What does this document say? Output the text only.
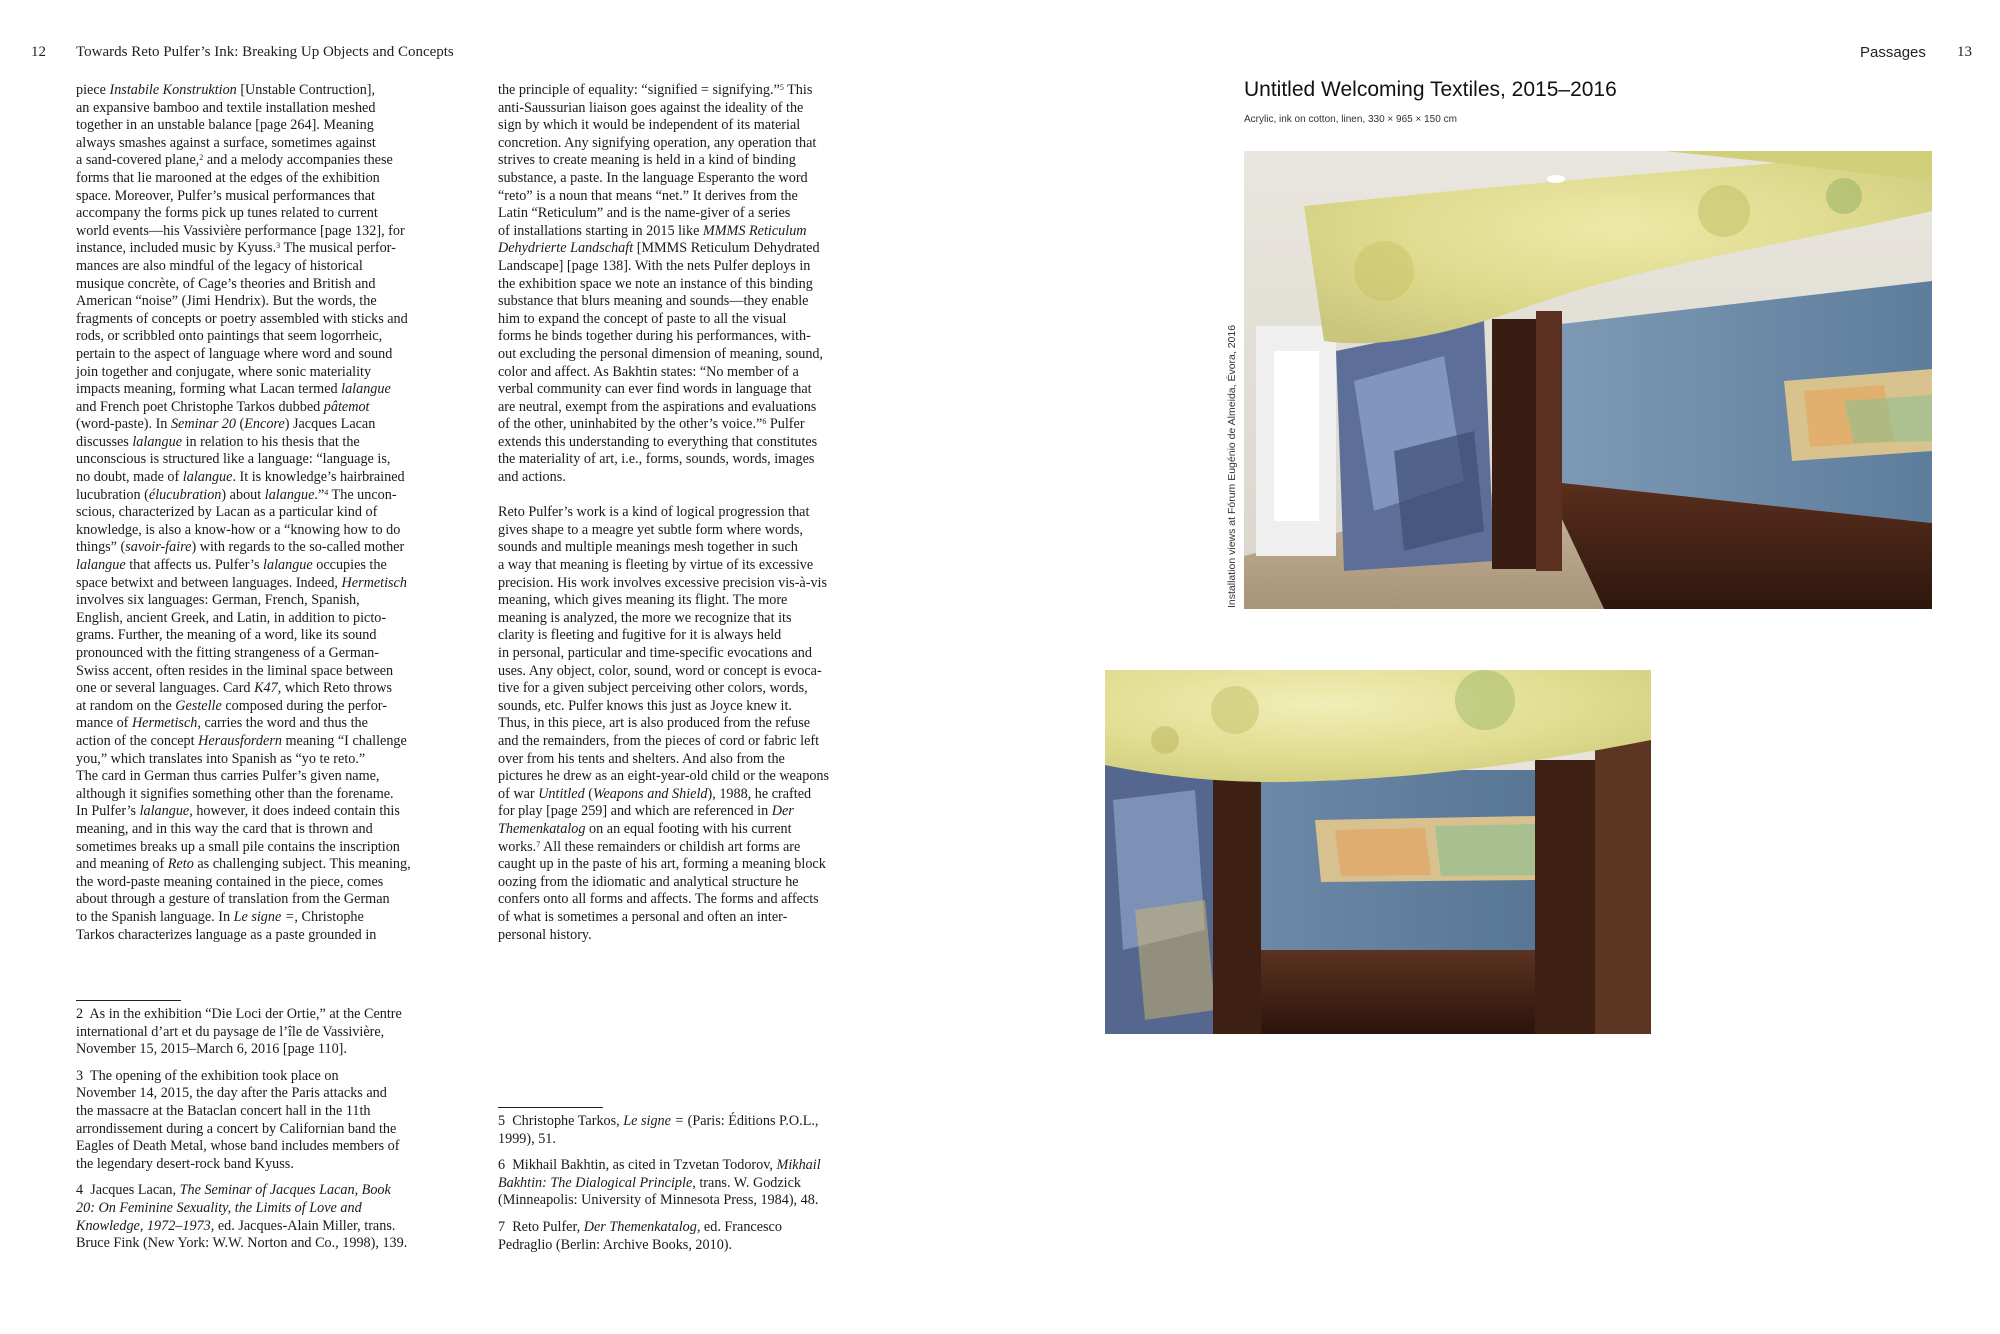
12 Towards Reto Pulfer’s Ink: Breaking Up Objects and Concepts	Passages 13

piece Instabile Konstruktion [Unstable Contruction],
an expansive bamboo and textile installation meshed
together in an unstable balance [page 264]. Meaning
always smashes against a surface, sometimes against
a sand-covered plane,$^2$ and a melody accompanies these
forms that lie marooned at the edges of the exhibition
space. Moreover, Pulfer’s musical performances that
accompany the forms pick up tunes related to current
world events—his Vassivière performance [page 132], for
instance, included music by Kyuss.$^3$ The musical perfor-
mances are also mindful of the legacy of historical
musique concrète, of Cage’s theories and British and
American “noise” (Jimi Hendrix). But the words, the
fragments of concepts or poetry assembled with sticks and
rods, or scribbled onto paintings that seem logorrheic,
pertain to the aspect of language where word and sound
join together and conjugate, where sonic materiality
impacts meaning, forming what Lacan termed lalangue
and French poet Christophe Tarkos dubbed pâtemot
(word-paste). In Seminar 20 (Encore) Jacques Lacan
discusses lalangue in relation to his thesis that the
unconscious is structured like a language: “language is,
no doubt, made of lalangue. It is knowledge’s hairbrained
lucubration (élucubration) about lalangue.”$^4$ The uncon-
scious, characterized by Lacan as a particular kind of
knowledge, is also a know-how or a “knowing how to do
things” (savoir-faire) with regards to the so-called mother
lalangue that affects us. Pulfer’s lalangue occupies the
space betwixt and between languages. Indeed, Hermetisch
involves six languages: German, French, Spanish,
English, ancient Greek, and Latin, in addition to picto-
grams. Further, the meaning of a word, like its sound
pronounced with the fitting strangeness of a German-
Swiss accent, often resides in the liminal space between
one or several languages. Card K47, which Reto throws
at random on the Gestelle composed during the perfor-
mance of Hermetisch, carries the word and thus the
action of the concept Herausfordern meaning “I challenge
you,” which translates into Spanish as “yo te reto.”
The card in German thus carries Pulfer’s given name,
although it signifies something other than the forename.
In Pulfer’s lalangue, however, it does indeed contain this
meaning, and in this way the card that is thrown and
sometimes breaks up a small pile contains the inscription
and meaning of Reto as challenging subject. This meaning,
the word-paste meaning contained in the piece, comes
about through a gesture of translation from the German
to the Spanish language. In Le signe =, Christophe
Tarkos characterizes language as a paste grounded in

the principle of equality: “signified = signifying.”$^5$ This
anti-Saussurian liaison goes against the ideality of the
sign by which it would be independent of its material
concretion. Any signifying operation, any operation that
strives to create meaning is held in a kind of binding
substance, a paste. In the language Esperanto the word
“reto” is a noun that means “net.” It derives from the
Latin “Reticulum” and is the name-giver of a series
of installations starting in 2015 like MMMS Reticulum
Dehydrierte Landschaft [MMMS Reticulum Dehydrated
Landscape] [page 138]. With the nets Pulfer deploys in
the exhibition space we note an instance of this binding
substance that blurs meaning and sounds—they enable
him to expand the concept of paste to all the visual
forms he binds together during his performances, with-
out excluding the personal dimension of meaning, sound,
color and affect. As Bakhtin states: “No member of a
verbal community can ever find words in language that
are neutral, exempt from the aspirations and evaluations
of the other, uninhabited by the other’s voice.”$^6$ Pulfer
extends this understanding to everything that constitutes
the materiality of art, i.e., forms, sounds, words, images
and actions.

Reto Pulfer’s work is a kind of logical progression that
gives shape to a meagre yet subtle form where words,
sounds and multiple meanings mesh together in such
a way that meaning is fleeting by virtue of its excessive
precision. His work involves excessive precision vis-à-vis
meaning, which gives meaning its flight. The more
meaning is analyzed, the more we recognize that its
clarity is fleeting and fugitive for it is always held
in personal, particular and time-specific evocations and
uses. Any object, color, sound, word or concept is evoca-
tive for a given subject perceiving other colors, words,
sounds, etc. Pulfer knows this just as Joyce knew it.
Thus, in this piece, art is also produced from the refuse
and the remainders, from the pieces of cord or fabric left
over from his tents and shelters. And also from the
pictures he drew as an eight-year-old child or the weapons
of war Untitled (Weapons and Shield), 1988, he crafted
for play [page 259] and which are referenced in Der
Themenkatalog on an equal footing with his current
works.$^7$ All these remainders or childish art forms are
caught up in the paste of his art, forming a meaning block
oozing from the idiomatic and analytical structure he
confers onto all forms and affects. The forms and affects
of what is sometimes a personal and often an inter-
personal history.

2  As in the exhibition “Die Loci der Ortie,” at the Centre
international d’art et du paysage de l’île de Vassivière,
November 15, 2015–March 6, 2016 [page 110].

3  The opening of the exhibition took place on
November 14, 2015, the day after the Paris attacks and
the massacre at the Bataclan concert hall in the 11th
arrondissement during a concert by Californian band the
Eagles of Death Metal, whose band includes members of
the legendary desert-rock band Kyuss.

4  Jacques Lacan, The Seminar of Jacques Lacan, Book
20: On Feminine Sexuality, the Limits of Love and
Knowledge, 1972–1973, ed. Jacques-Alain Miller, trans.
Bruce Fink (New York: W.W. Norton and Co., 1998), 139.

5  Christophe Tarkos, Le signe = (Paris: Éditions P.O.L.,
1999), 51.

6  Mikhail Bakhtin, as cited in Tzvetan Todorov, Mikhail
Bakhtin: The Dialogical Principle, trans. W. Godzick
(Minneapolis: University of Minnesota Press, 1984), 48.

7  Reto Pulfer, Der Themenkatalog, ed. Francesco
Pedraglio (Berlin: Archive Books, 2010).

Untitled Welcoming Textiles, 2015–2016
Acrylic, ink on cotton, linen, 330 × 965 × 150 cm
Installation views at Fórum Eugénio de Almeida, Évora, 2016
